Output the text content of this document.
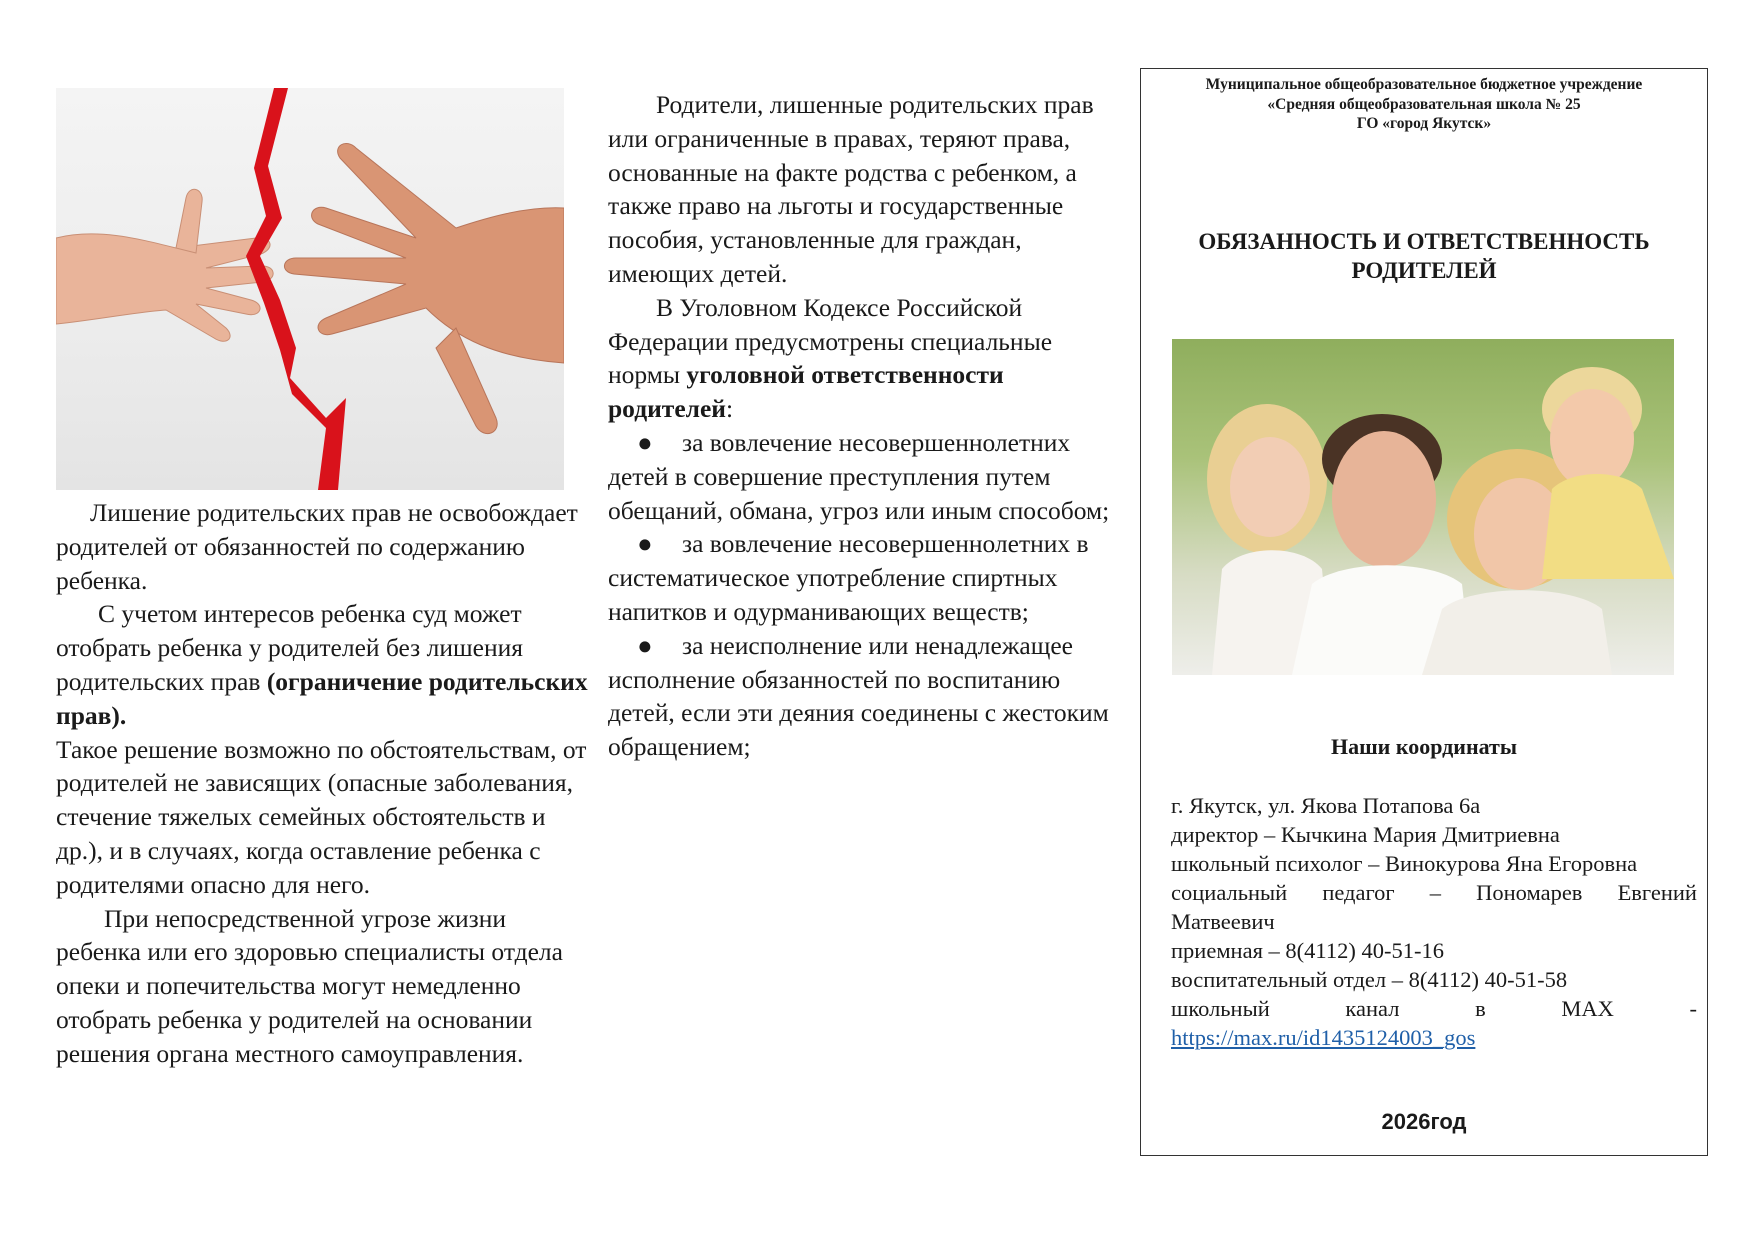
Лишение родительских прав не освобождает родителей от обязанностей по содержанию ребенка.

С учетом интересов ребенка суд может отобрать ребенка у родителей без лишения родительских прав (ограничение родительских прав).

Такое решение возможно по обстоятельствам, от родителей не зависящих (опасные заболевания, стечение тяжелых семейных обстоятельств и др.), и в случаях, когда оставление ребенка с родителями опасно для него.

При непосредственной угрозе жизни ребенка или его здоровью специалисты отдела опеки и попечительства могут немедленно отобрать ребенка у родителей на основании решения органа местного самоуправления.

Родители, лишенные родительских прав или ограниченные в правах, теряют права, основанные на факте родства с ребенком, а также право на льготы и государственные пособия, установленные для граждан, имеющих детей.

В Уголовном Кодексе Российской Федерации предусмотрены специальные нормы уголовной ответственности родителей:

● за вовлечение несовершеннолетних детей в совершение преступления путем обещаний, обмана, угроз или иным способом;

● за вовлечение несовершеннолетних в систематическое употребление спиртных напитков и одурманивающих веществ;

● за неисполнение или ненадлежащее исполнение обязанностей по воспитанию детей, если эти деяния соединены с жестоким обращением;

Муниципальное общеобразовательное бюджетное учреждение

«Средняя общеобразовательная школа № 25

ГО «город Якутск»

ОБЯЗАННОСТЬ И ОТВЕТСТВЕННОСТЬ

РОДИТЕЛЕЙ

Наши координаты

г. Якутск, ул. Якова Потапова 6а

директор – Кычкина Мария Дмитриевна

школьный психолог – Винокурова Яна Егоровна

социальный педагог – Пономарев Евгений

Матвеевич

приемная – 8(4112) 40-51-16

воспитательный отдел – 8(4112) 40-51-58

школьный	канал	в	MAX	-

https://max.ru/id1435124003_gos

2026год
